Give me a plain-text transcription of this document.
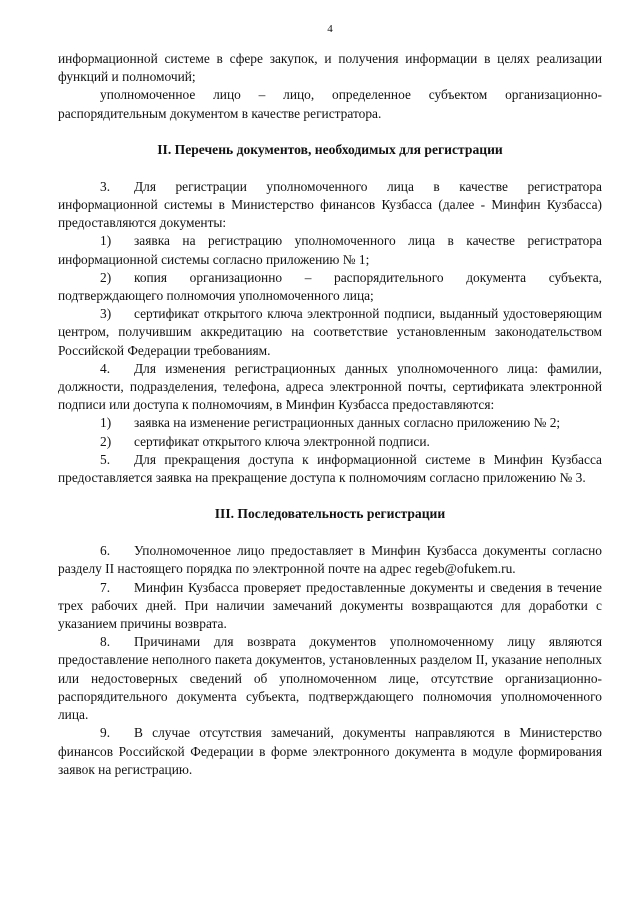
4

информационной системе в сфере закупок, и получения информации в целях реализации функций и полномочий;

уполномоченное лицо – лицо, определенное субъектом организационно-распорядительным документом в качестве регистратора.

II. Перечень документов, необходимых для регистрации

3. Для регистрации уполномоченного лица в качестве регистратора информационной системы в Министерство финансов Кузбасса (далее - Минфин Кузбасса) предоставляются документы:

1) заявка на регистрацию уполномоченного лица в качестве регистратора информационной системы согласно приложению № 1;

2) копия организационно – распорядительного документа субъекта, подтверждающего полномочия уполномоченного лица;

3) сертификат открытого ключа электронной подписи, выданный удостоверяющим центром, получившим аккредитацию на соответствие установленным законодательством Российской Федерации требованиям.

4. Для изменения регистрационных данных уполномоченного лица: фамилии, должности, подразделения, телефона, адреса электронной почты, сертификата электронной подписи или доступа к полномочиям, в Минфин Кузбасса предоставляются:

1) заявка на изменение регистрационных данных согласно приложению № 2;

2) сертификат открытого ключа электронной подписи.

5. Для прекращения доступа к информационной системе в Минфин Кузбасса предоставляется заявка на прекращение доступа к полномочиям согласно приложению № 3.

III. Последовательность регистрации

6. Уполномоченное лицо предоставляет в Минфин Кузбасса документы согласно разделу II настоящего порядка по электронной почте на адрес regeb@ofukem.ru.

7. Минфин Кузбасса проверяет предоставленные документы и сведения в течение трех рабочих дней. При наличии замечаний документы возвращаются для доработки с указанием причины возврата.

8. Причинами для возврата документов уполномоченному лицу являются предоставление неполного пакета документов, установленных разделом II, указание неполных или недостоверных сведений об уполномоченном лице, отсутствие организационно-распорядительного документа субъекта, подтверждающего полномочия уполномоченного лица.

9. В случае отсутствия замечаний, документы направляются в Министерство финансов Российской Федерации в форме электронного документа в модуле формирования заявок на регистрацию.
